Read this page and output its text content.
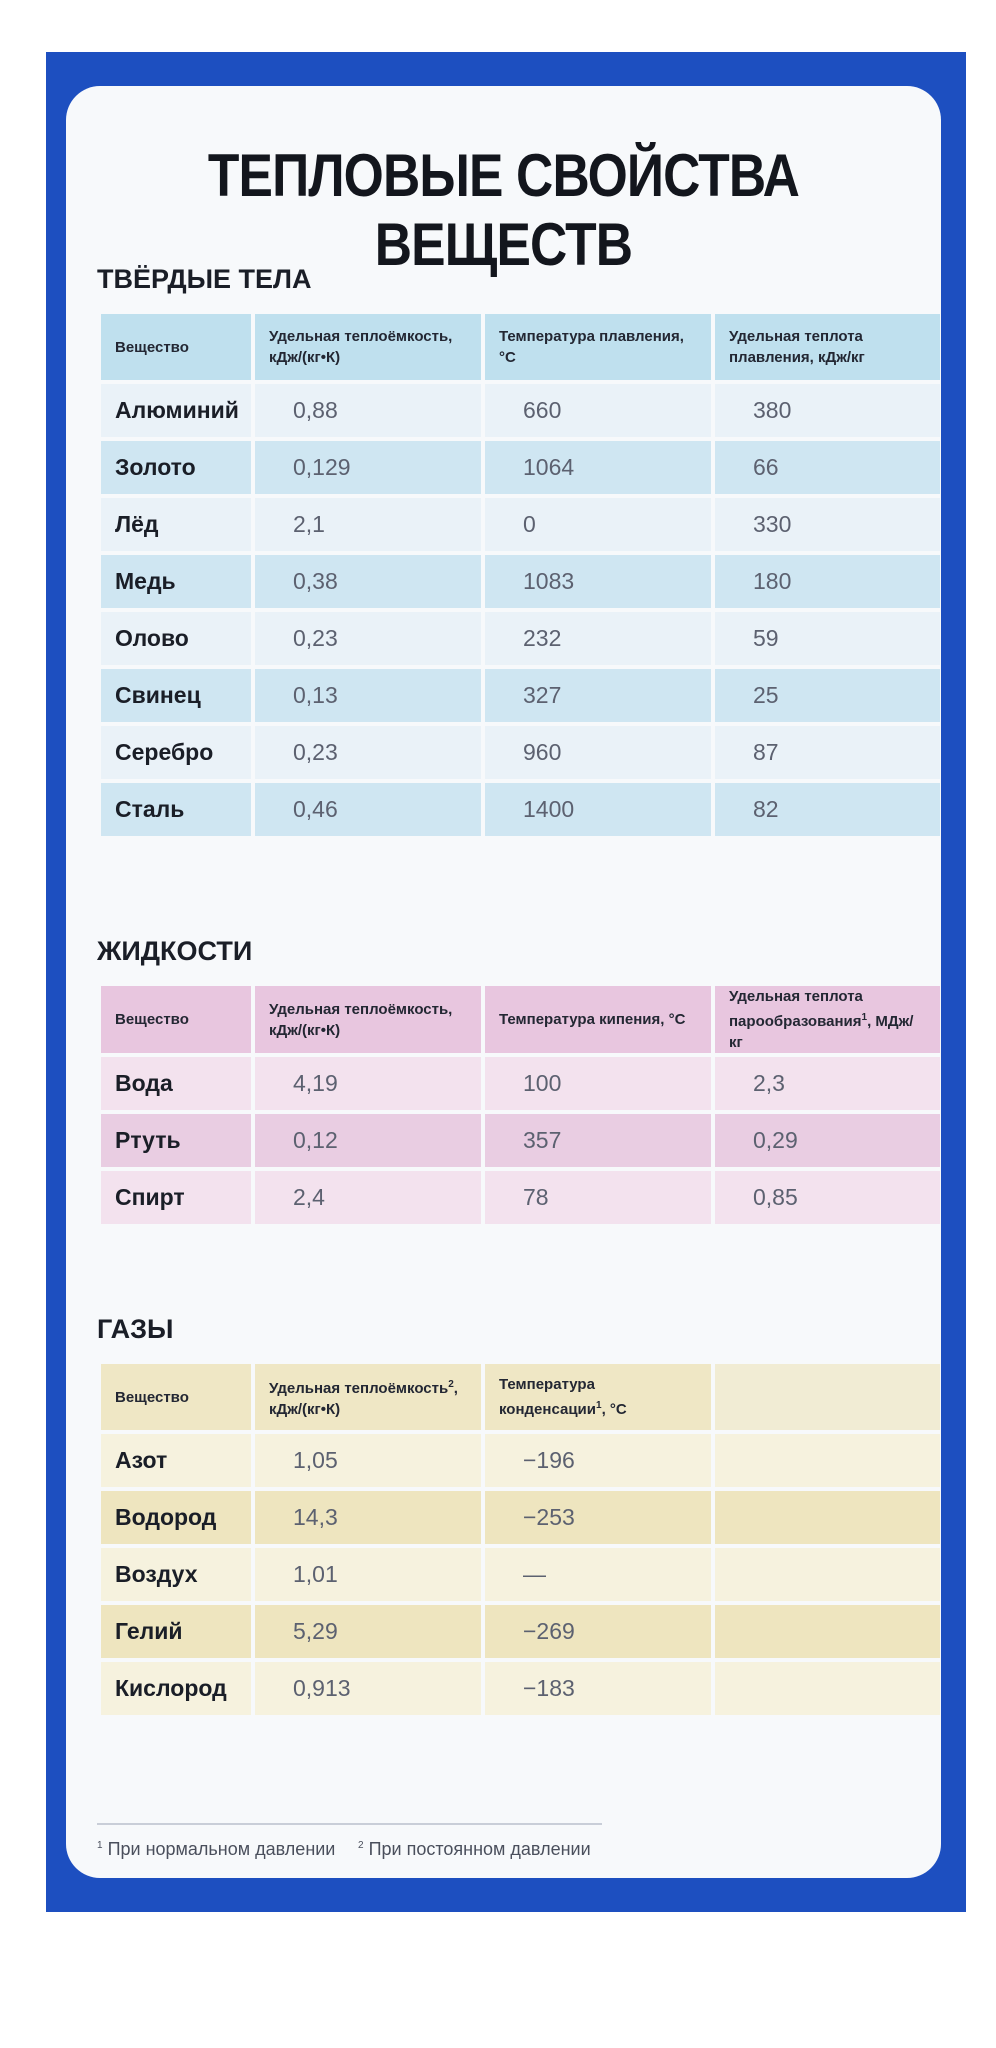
ТЕПЛОВЫЕ СВОЙСТВА ВЕЩЕСТВ
ТВЁРДЫЕ ТЕЛА
Вещество	Удельная теплоёмкость, кДж/(кг•К)	Температура плавления, °С	Удельная теплота плавления, кДж/кг
Алюминий	0,88	660	380
Золото	0,129	1064	66
Лёд	2,1	0	330
Медь	0,38	1083	180
Олово	0,23	232	59
Свинец	0,13	327	25
Серебро	0,23	960	87
Сталь	0,46	1400	82
ЖИДКОСТИ
Вещество	Удельная теплоёмкость, кДж/(кг•К)	Температура кипения, °С	Удельная теплота парообразования$^1$, МДж/кг
Вода	4,19	100	2,3
Ртуть	0,12	357	0,29
Спирт	2,4	78	0,85
ГАЗЫ
Вещество	Удельная теплоёмкость$^2$, кДж/(кг•К)	Температура конденсации$^1$, °С	
Азот	1,05	−196	
Водород	14,3	−253	
Воздух	1,01	—	
Гелий	5,29	−269	
Кислород	0,913	−183	
$^1$ При нормальном давлении $^2$ При постоянном давлении
